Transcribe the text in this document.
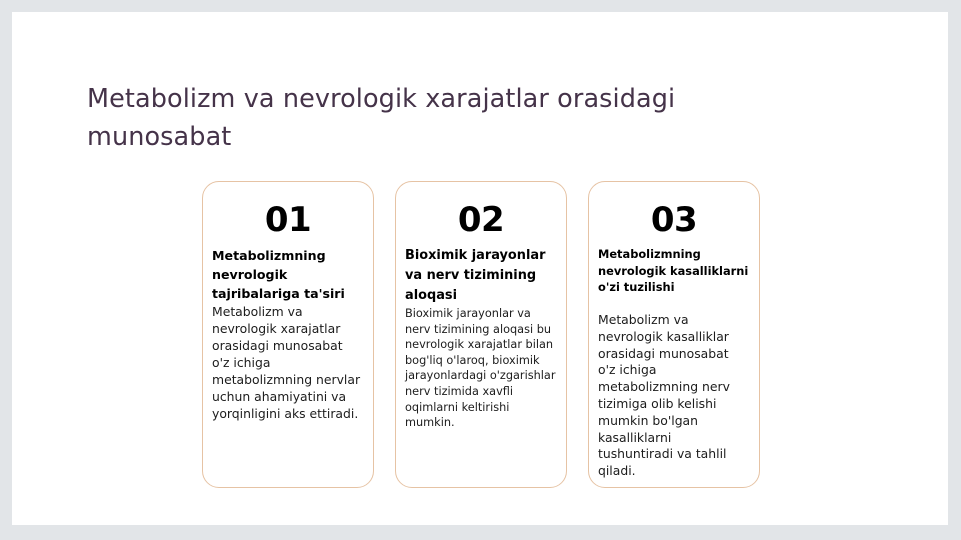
Metabolizm va nevrologik xarajatlar orasidagi munosabat
01
Metabolizmning nevrologik tajribalariga ta'siri
Metabolizm va nevrologik xarajatlar orasidagi munosabat o'z ichiga metabolizmning nervlar uchun ahamiyatini va yorqinligini aks ettiradi.
02
Bioximik jarayonlar va nerv tizimining aloqasi
Bioximik jarayonlar va nerv tizimining aloqasi bu nevrologik xarajatlar bilan bog'liq o'laroq, bioximik jarayonlardagi o'zgarishlar nerv tizimida xavfli oqimlarni keltirishi mumkin.
03
Metabolizmning nevrologik kasalliklarni o'zi tuzilishi
Metabolizm va nevrologik kasalliklar orasidagi munosabat o'z ichiga metabolizmning nerv tizimiga olib kelishi mumkin bo'lgan kasalliklarni tushuntiradi va tahlil qiladi.
